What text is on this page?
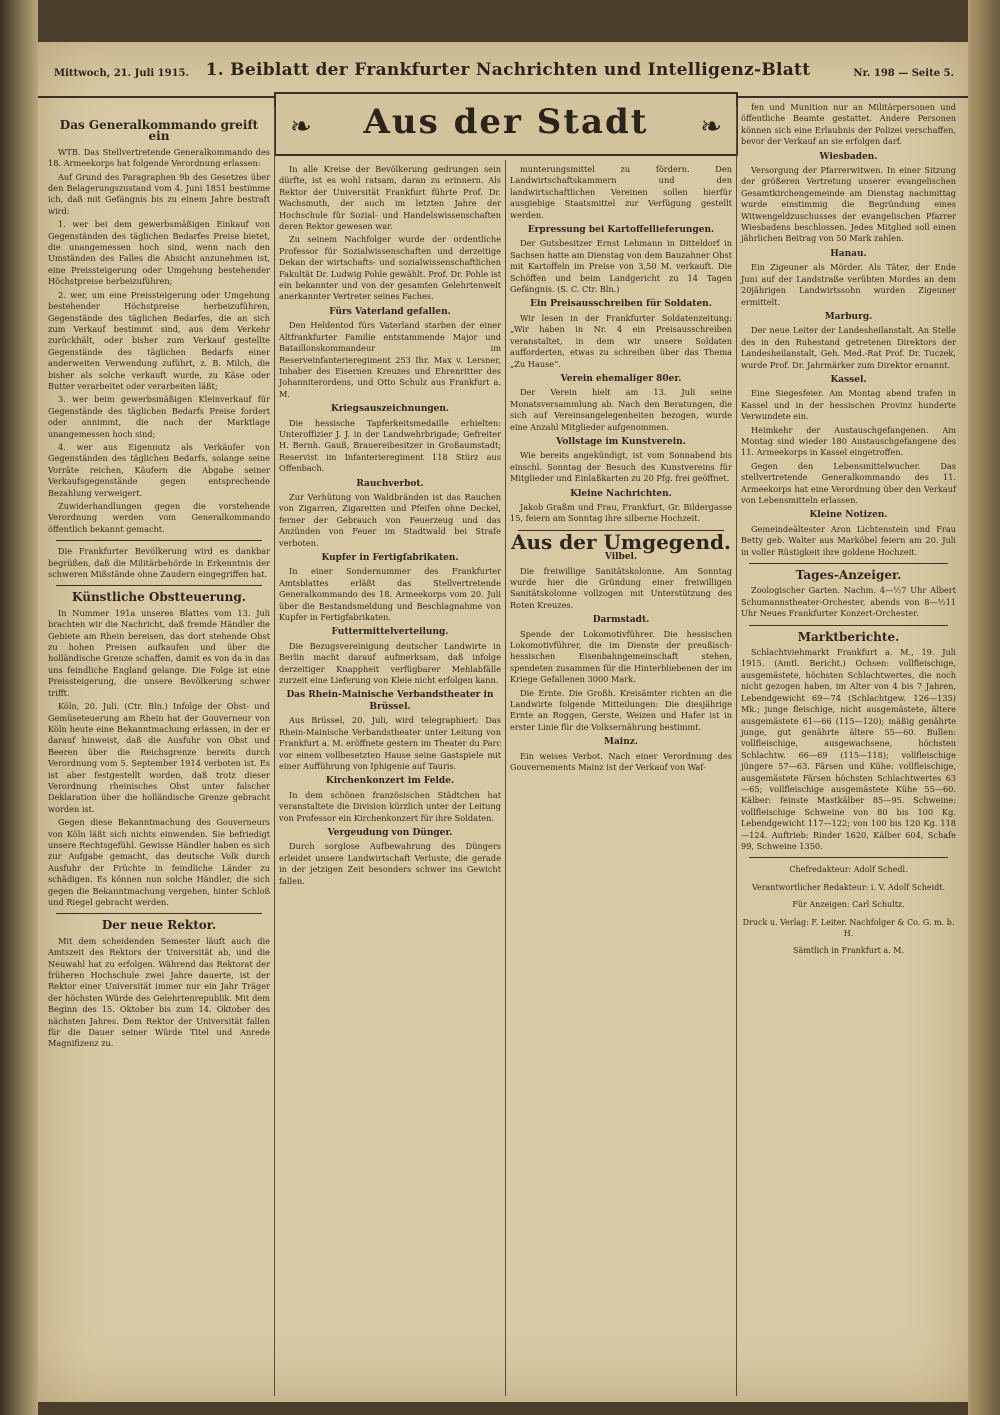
Mittwoch, 21. Juli 1915. 1. Beiblatt der Frankfurter Nachrichten und Intelligenz-Blatt	Nr. 198 — Seite 5.
❧	Aus der Stadt	❧
Das Generalkommando greift ein

WTB. Das Stellvertretende Generalkommando des 18. Armeekorps hat folgende Verordnung erlassen:

Auf Grund des Paragraphen 9b des Gesetzes über den Belagerungszustand vom 4. Juni 1851 bestimme ich, daß mit Gefängnis bis zu einem Jahre bestraft wird:

1. wer bei dem gewerbsmäßigen Einkauf von Gegenständen des täglichen Bedarfes Preise bietet, die unangemessen hoch sind, wenn nach den Umständen des Falles die Absicht anzunehmen ist, eine Preissteigerung oder Umgehung bestehender Höchstpreise herbeizuführen;

2. wer, um eine Preissteigerung oder Umgehung bestehender Höchstpreise herbeizuführen, Gegenstände des täglichen Bedarfes, die an sich zum Verkauf bestimmt sind, aus dem Verkehr zurückhält, oder bisher zum Verkauf gestellte Gegenstände des täglichen Bedarfs einer anderweiten Verwendung zuführt, z. B. Milch, die bisher als solche verkauft wurde, zu Käse oder Butter verarbeitet oder verarbeiten läßt;

3. wer beim gewerbsmäßigen Kleinverkauf für Gegenstände des täglichen Bedarfs Preise fordert oder annimmt, die nach der Marktlage unangemessen hoch sind;

4. wer aus Eigennutz als Verkäufer von Gegenständen des täglichen Bedarfs, solange seine Vorräte reichen, Käufern die Abgabe seiner Verkaufsgegenstände gegen entsprechende Bezahlung verweigert.

Zuwiderhandlungen gegen die vorstehende Verordnung werden vom Generalkommando öffentlich bekannt gemacht.

Die Frankfurter Bevölkerung wird es dankbar begrüßen, daß die Militärbehörde in Erkenntnis der schweren Mißstände ohne Zaudern eingegriffen hat.

Künstliche Obstteuerung.

In Nummer 191a unseres Blattes vom 13. Juli brachten wir die Nachricht, daß fremde Händler die Gebiete am Rhein bereisen, das dort stehende Obst zu hohen Preisen aufkaufen und über die holländische Grenze schaffen, damit es von da in das uns feindliche England gelange. Die Folge ist eine Preissteigerung, die unsere Bevölkerung schwer trifft.

Köln, 20. Juli. (Ctr. Bln.) Infolge der Obst- und Gemüseteuerung am Rhein hat der Gouverneur von Köln heute eine Bekanntmachung erlassen, in der er darauf hinweist, daß die Ausfuhr von Obst und Beeren über die Reichsgrenze bereits durch Verordnung vom 5. September 1914 verboten ist. Es ist aber festgestellt worden, daß trotz dieser Verordnung rheinisches Obst unter falscher Deklaration über die holländische Grenze gebracht worden ist.

Gegen diese Bekanntmachung des Gouverneurs von Köln läßt sich nichts einwenden. Sie befriedigt unsere Rechtsgefühl. Gewisse Händler haben es sich zur Aufgabe gemacht, das deutsche Volk durch Ausfuhr der Früchte in feindliche Länder zu schädigen. Es können nun solche Händler, die sich gegen die Bekanntmachung vergehen, hinter Schloß und Riegel gebracht werden.

Der neue Rektor.

Mit dem scheidenden Semester läuft auch die Amtszeit des Rektors der Universität ab, und die Neuwahl hat zu erfolgen. Während das Rektorat der früheren Hochschule zwei Jahre dauerte, ist der Rektor einer Universität immer nur ein Jahr Träger der höchsten Würde des Gelehrtenrepublik. Mit dem Beginn des 15. Oktober bis zum 14. Oktober des nächsten Jahres. Dem Rektor der Universität fallen für die Dauer seiner Würde Titel und Anrede Magnifizenz zu.

In alle Kreise der Bevölkerung gedrungen sein dürfte, ist es wohl ratsam, daran zu erinnern. Als Rektor der Universität Frankfurt führte Prof. Dr. Wachsmuth, der auch im letzten Jahre der Hochschule für Sozial- und Handelswissenschaften deren Rektor gewesen war.

Zu seinem Nachfolger wurde der ordentliche Professor für Sozialwissenschaften und derzeitige Dekan der wirtschafts- und sozialwissenschaftlichen Fakultät Dr. Ludwig Pohle gewählt. Prof. Dr. Pohle ist ein bekannter und von der gesamten Gelehrtenwelt anerkannter Vertreter seines Faches.

Fürs Vaterland gefallen.

Den Heldentod fürs Vaterland starben der einer Altfrankfurter Familie entstammende Major und Bataillonskommandeur im Reserveinfanterieregiment 253 Ihr. Max v. Lersner, Inhaber des Eisernen Kreuzes und Ehrenritter des Johanniterordens, und Otto Schulz aus Frankfurt a. M.

Kriegsauszeichnungen.

Die hessische Tapferkeitsmedaille erhielten: Unteroffizier J. J. in der Landwehrbrigade; Gefreiter H. Bernh. Gauß, Brauereibesitzer in Großaumstadt; Reservist im Infanterieregiment 118 Stürz aus Offenbach.

Rauchverbot.

Zur Verhütung von Waldbränden ist das Rauchen von Zigarren, Zigaretten und Pfeifen ohne Deckel, ferner der Gebrauch von Feuerzeug und das Anzünden von Feuer im Stadtwald bei Strafe verboten.

Kupfer in Fertigfabrikaten.

In einer Sondernummer des Frankfurter Amtsblattes erläßt das Stellvertretende Generalkommando des 18. Armeekorps vom 20. Juli über die Bestandsmeldung und Beschlagnahme von Kupfer in Fertigfabrikaten.

Futtermittelverteilung.

Die Bezugsvereinigung deutscher Landwirte in Berlin macht darauf aufmerksam, daß infolge derzeitiger Knappheit verfügbarer Mehlabfälle zurzeit eine Lieferung von Kleie nicht erfolgen kann.

Das Rhein-Mainische Verbandstheater in Brüssel.

Aus Brüssel, 20. Juli, wird telegraphiert: Das Rhein-Mainische Verbandstheater unter Leitung von Frankfurt a. M. eröffnete gestern im Theater du Parc vor einem vollbesetzten Hause seine Gastspiele mit einer Aufführung von Iphigenie auf Tauris.

Kirchenkonzert im Felde.

In dem schönen französischen Städtchen hat veranstaltete die Division kürzlich unter der Leitung von Professor ein Kirchenkonzert für ihre Soldaten.

Vergeudung von Dünger.

Durch sorglose Aufbewahrung des Düngers erleidet unsere Landwirtschaft Verluste, die gerade in der jetzigen Zeit besonders schwer ins Gewicht fallen.

munterungsmittel zu fördern. Den Landwirtschaftskammern und den landwirtschaftlichen Vereinen sollen hierfür ausgiebige Staatsmittel zur Verfügung gestellt werden.

Erpressung bei Kartoffellieferungen.

Der Gutsbesitzer Ernst Lehmann in Ditteldorf in Sachsen hatte am Dienstag von dem Bauzahner Obst mit Kartoffeln im Preise von 3,50 M. verkauft. Die Schöffen und beim Landgericht zu 14 Tagen Gefängnis. (S. C. Ctr. Bln.)

Ein Preisausschreiben für Soldaten.

Wir lesen in der Frankfurter Soldatenzeitung: „Wir haben in Nr. 4 ein Preisausschreiben veranstaltet, in dem wir unsere Soldaten aufforderten, etwas zu schreiben über das Thema „Zu Hause“.

Verein ehemaliger 80er.

Der Verein hielt am 13. Juli seine Monatsversammlung ab. Nach den Beratungen, die sich auf Vereinsangelegenheiten bezogen, wurde eine Anzahl Mitglieder aufgenommen.

Vollstage im Kunstverein.

Wie bereits angekündigt, ist vom Sonnabend bis einschl. Sonntag der Besuch des Kunstvereins für Mitglieder und Einlaßkarten zu 20 Pfg. frei geöffnet.

Kleine Nachrichten.

Jakob Graßm und Frau, Frankfurt, Gr. Bildergasse 15, feiern am Sonntag ihre silberne Hochzeit.

Aus der Umgegend.
Vilbel.

Die freiwillige Sanitätskolonne. Am Sonntag wurde hier die Gründung einer freiwilligen Sanitätskolonne vollzogen mit Unterstützung des Roten Kreuzes.

Darmstadt.

Spende der Lokomotivführer. Die hessischen Lokomotivführer, die im Dienste der preußisch-hessischen Eisenbahngemeinschaft stehen, spendeten zusammen für die Hinterbliebenen der im Kriege Gefallenen 3000 Mark.

Die Ernte. Die Großh. Kreisämter richten an die Landwirte folgende Mitteilungen: Die diesjährige Ernte an Roggen, Gerste, Weizen und Hafer ist in erster Linie für die Volksernährung bestimmt.

Mainz.

Ein weises Verbot. Nach einer Verordnung des Gouvernements Mainz ist der Verkauf von Waf-

fen und Munition nur an Militärpersonen und öffentliche Beamte gestattet. Andere Personen können sich eine Erlaubnis der Polizei verschaffen, bevor der Verkauf an sie erfolgen darf.

Wiesbaden.

Versorgung der Pfarrerwitwen. In einer Sitzung der größeren Vertretung unserer evangelischen Gesamtkirchengemeinde am Dienstag nachmittag wurde einstimmig die Begründung eines Witwengeldzuschusses der evangelischen Pfarrer Wiesbadens beschlossen. Jedes Mitglied soll einen jährlichen Beitrag von 50 Mark zahlen.

Hanau.

Ein Zigeuner als Mörder. Als Täter, der Ende Juni auf der Landstraße verübten Mordes an dem 20jährigen Landwirtssohn wurden Zigeuner ermittelt.

Marburg.

Der neue Leiter der Landesheilanstalt. An Stelle des in den Ruhestand getretenen Direktors der Landesheilanstalt, Geh. Med.-Rat Prof. Dr. Tuczek, wurde Prof. Dr. Jahrmärker zum Direktor ernannt.

Kassel.

Eine Siegesfeier. Am Montag abend trafen in Kassel und in der hessischen Provinz hunderte Verwundete ein.

Heimkehr der Austauschgefangenen. Am Montag sind wieder 180 Austauschgefangene des 11. Armeekorps in Kassel eingetroffen.

Gegen den Lebensmittelwucher. Das stellvertretende Generalkommando des 11. Armeekorps hat eine Verordnung über den Verkauf von Lebensmitteln erlassen.

Kleine Notizen.

Gemeindeältester Aron Lichtenstein und Frau Betty geb. Walter aus Marköbel feiern am 20. Juli in voller Rüstigkeit ihre goldene Hochzeit.

Tages-Anzeiger.

Zoologischer Garten. Nachm. 4—½7 Uhr Albert Schumannstheater-Orchester, abends von 8—½11 Uhr Neues Frankfurter Konzert-Orchester.

Marktberichte.

Schlachtviehmarkt Frankfurt a. M., 19. Juli 1915. (Amtl. Bericht.) Ochsen: vollfleischige, ausgemästete, höchsten Schlachtwertes, die noch nicht gezogen haben, im Alter von 4 bis 7 Jahren, Lebendgewicht 69—74 (Schlachtgew. 126—135) Mk.; junge fleischige, nicht ausgemästete, ältere ausgemästete 61—66 (115—120); mäßig genährte junge, gut genährte ältere 55—60. Bullen: vollfleischige, ausgewachsene, höchsten Schlachtw. 66—69 (115—118); vollfleischige jüngere 57—63. Färsen und Kühe: vollfleischige, ausgemästete Färsen höchsten Schlachtwertes 63—65; vollfleischige ausgemästete Kühe 55—60. Kälber: feinste Mastkälber 85—95. Schweine: vollfleischige Schweine von 80 bis 100 Kg. Lebendgewicht 117—122; von 100 bis 120 Kg. 118—124. Auftrieb: Rinder 1620, Kälber 604, Schafe 99, Schweine 1350.

Chefredakteur: Adolf Schedl.
Verantwortlicher Redakteur: i. V. Adolf Scheidt.
Für Anzeigen: Carl Schultz.
Druck u. Verlag: F. Leiter. Nachfolger & Co. G. m. b. H.
Sämtlich in Frankfurt a. M.
